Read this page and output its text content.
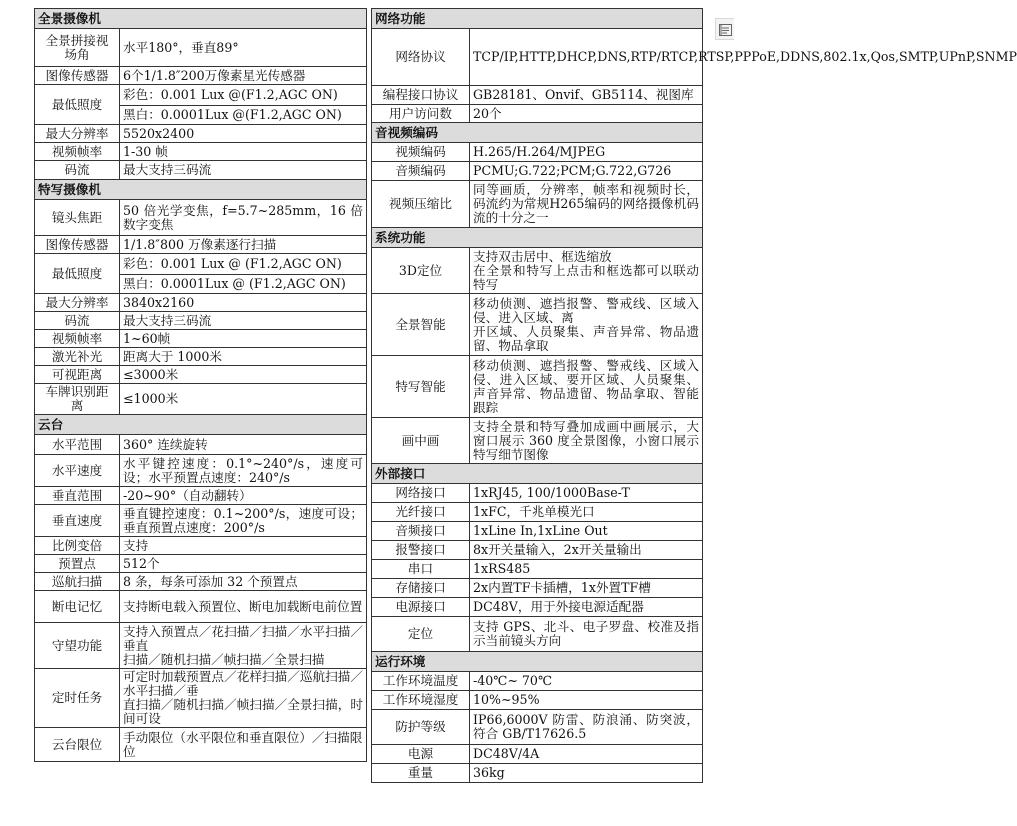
全景摄像机	
全景拼接视
场角	水平180°，垂直89°
图像传感器	6个1/1.8″200万像素星光传感器
最低照度	彩色：0.001 Lux @(F1.2,AGC ON)
	黑白：0.0001Lux @(F1.2,AGC ON)
最大分辨率	5520x2400
视频帧率	1-30 帧
码流	最大支持三码流
特写摄像机	
镜头焦距	50 倍光学变焦，f=5.7~285mm，16 倍数字变焦
图像传感器	1/1.8″800 万像素逐行扫描
最低照度	彩色：0.001 Lux @ (F1.2,AGC ON)
	黑白：0.0001Lux @ (F1.2,AGC ON)
最大分辨率	3840x2160
码流	最大支持三码流
视频帧率	1~60帧
激光补光	距离大于 1000米
可视距离	≤3000米
车牌识别距
离	≤1000米
云台	
水平范围	360° 连续旋转
水平速度	水平键控速度：0.1°~240°/s，速度可设；水平预置点速度：240°/s
垂直范围	-20~90°（自动翻转）
垂直速度	垂直键控速度：0.1~200°/s，速度可设；垂直预置点速度：200°/s
比例变倍	支持
预置点	512个
巡航扫描	8 条，每条可添加 32 个预置点
断电记忆	支持断电载入预置位、断电加载断电前位置
守望功能	支持入预置点／花扫描／扫描／水平扫描／垂直
扫描／随机扫描／帧扫描／全景扫描
定时任务	可定时加载预置点／花样扫描／巡航扫描／水平扫描／垂
直扫描／随机扫描／帧扫描／全景扫描，时间可设
云台限位	手动限位（水平限位和垂直限位）／扫描限位
网络功能	
网络协议	TCP/IP,HTTP,DHCP,DNS,RTP/RTCP,RTSP,PPPoE,DDNS,802.1x,Qos,SMTP,UPnP,SNMP
编程接口协议	GB28181、Onvif、GB5114、视图库
用户访问数	20个
音视频编码	
视频编码	H.265/H.264/MJPEG
音频编码	PCMU;G.722;PCM;G.722,G726
视频压缩比	同等画质，分辨率，帧率和视频时长，码流约为常规H265编码的网络摄像机码流的十分之一
系统功能	
3D定位	支持双击居中、框选缩放
在全景和特写上点击和框选都可以联动特写
全景智能	移动侦测、遮挡报警、警戒线、区域入侵、进入区域、离
开区域、人员聚集、声音异常、物品遗留、物品拿取
特写智能	移动侦测、遮挡报警、警戒线、区域入侵、进入区域、要开区域、人员聚集、声音异常、物品遗留、物品拿取、智能跟踪
画中画	支持全景和特写叠加成画中画展示，大窗口展示 360 度全景图像，小窗口展示特写细节图像
外部接口	
网络接口	1xRJ45, 100/1000Base-T
光纤接口	1xFC，千兆单模光口
音频接口	1xLine In,1xLine Out
报警接口	8x开关量输入，2x开关量输出
串口	1xRS485
存储接口	2x内置TF卡插槽，1x外置TF槽
电源接口	DC48V，用于外接电源适配器
定位	支持 GPS、北斗、电子罗盘、校准及指示当前镜头方向
运行环境	
工作环境温度	-40℃~ 70℃
工作环境湿度	10%~95%
防护等级	IP66,6000V 防雷、防浪涌、防突波，符合 GB/T17626.5
电源	DC48V/4A
重量	36kg
